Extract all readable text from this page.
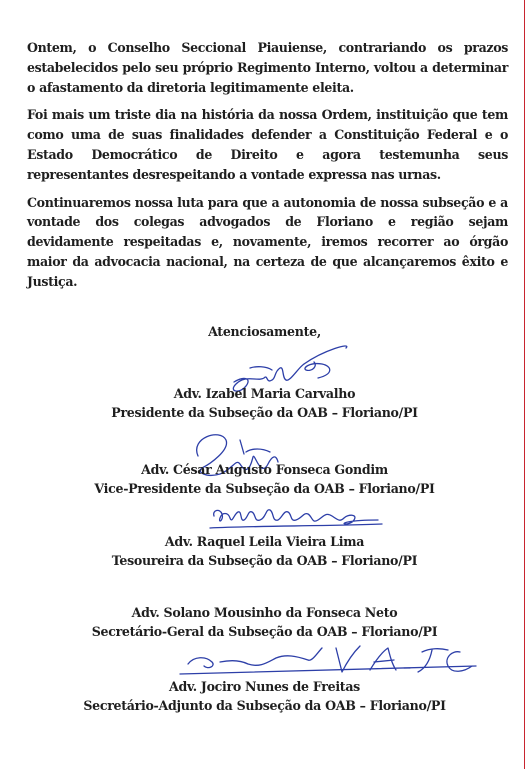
Ontem, o Conselho Seccional Piauiense, contrariando os prazos estabelecidos pelo seu próprio Regimento Interno, voltou a determinar o afastamento da diretoria legitimamente eleita.

Foi mais um triste dia na história da nossa Ordem, instituição que tem como uma de suas finalidades defender a Constituição Federal e o Estado Democrático de Direito e agora testemunha seus representantes desrespeitando a vontade expressa nas urnas.

Continuaremos nossa luta para que a autonomia de nossa subseção e a vontade dos colegas advogados de Floriano e região sejam devidamente respeitadas e, novamente, iremos recorrer ao órgão maior da advocacia nacional, na certeza de que alcançaremos êxito e Justiça.

Atenciosamente,
Adv. Izabel Maria Carvalho
Presidente da Subseção da OAB – Floriano/PI
Adv. César Augusto Fonseca Gondim
Vice-Presidente da Subseção da OAB – Floriano/PI
Adv. Raquel Leila Vieira Lima
Tesoureira da Subseção da OAB – Floriano/PI
Adv. Solano Mousinho da Fonseca Neto
Secretário-Geral da Subseção da OAB – Floriano/PI
Adv. Jociro Nunes de Freitas
Secretário-Adjunto da Subseção da OAB – Floriano/PI
